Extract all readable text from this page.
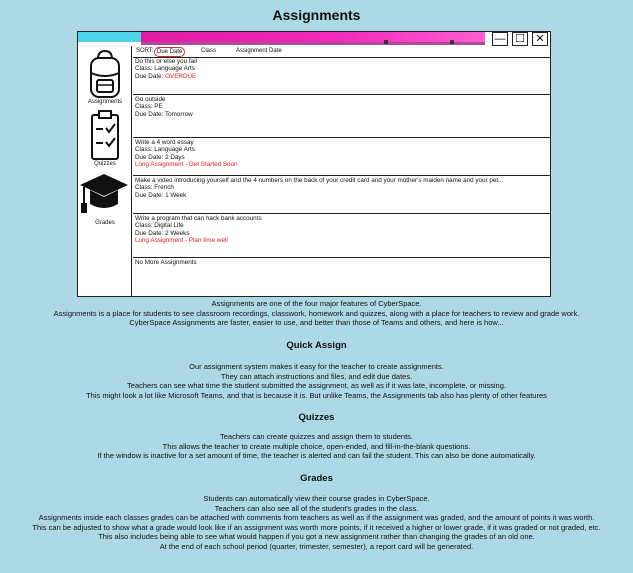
Assignments
— ☐ ✕
Assignments
Quizzes
Grades
SORT: Due Date	Class	Assignment Date
Do this or else you fail
Class: Language Arts
Due Date: OVERDUE
Go outside
Class: PE
Due Date: Tomorrow
Write a 4 word essay
Class: Language Arts
Due Date: 2 Days
Long Assignment - Get Started Soon
Make a video introducing yourself and the 4 numbers on the back of your credit card and your mother's maiden name and your pet...
Class: French
Due Date: 1 Week
Write a program that can hack bank accounts
Class: Digital Life
Due Date: 2 Weeks
Long Assignment - Plan time well
No More Assignments
Assignments are one of the four major features of CyberSpace.
Assignments is a place for students to see classroom recordings, classwork, homework and quizzes, along with a place for teachers to review and grade work.
CyberSpace Assignments are faster, easier to use, and better than those of Teams and others, and here is how...
Quick Assign
Our assignment system makes it easy for the teacher to create assignments.
They can attach instructions and files, and edit due dates.
Teachers can see what time the student submitted the assignment, as well as if it was late, incomplete, or missing.
This might look a lot like Microsoft Teams, and that is because it is. But unlike Teams, the Assignments tab also has plenty of other features
Quizzes
Teachers can create quizzes and assign them to students.
This allows the teacher to create multiple choice, open-ended, and fill-in-the-blank questions.
If the window is inactive for a set amount of time, the teacher is alerted and can fail the student. This can also be done automatically.
Grades
Students can automatically view their course grades in CyberSpace.
Teachers can also see all of the student's grades in the class.
Assignments inside each classes grades can be attached with comments from teachers as well as if the assignment was graded, and the amount of points it was worth.
This can be adjusted to show what a grade would look like if an assignment was worth more points, if it received a higher or lower grade, if it was graded or not graded, etc.
This also includes being able to see what would happen if you got a new assignment rather than changing the grades of an old one.
At the end of each school period (quarter, trimester, semester), a report card will be generated.
